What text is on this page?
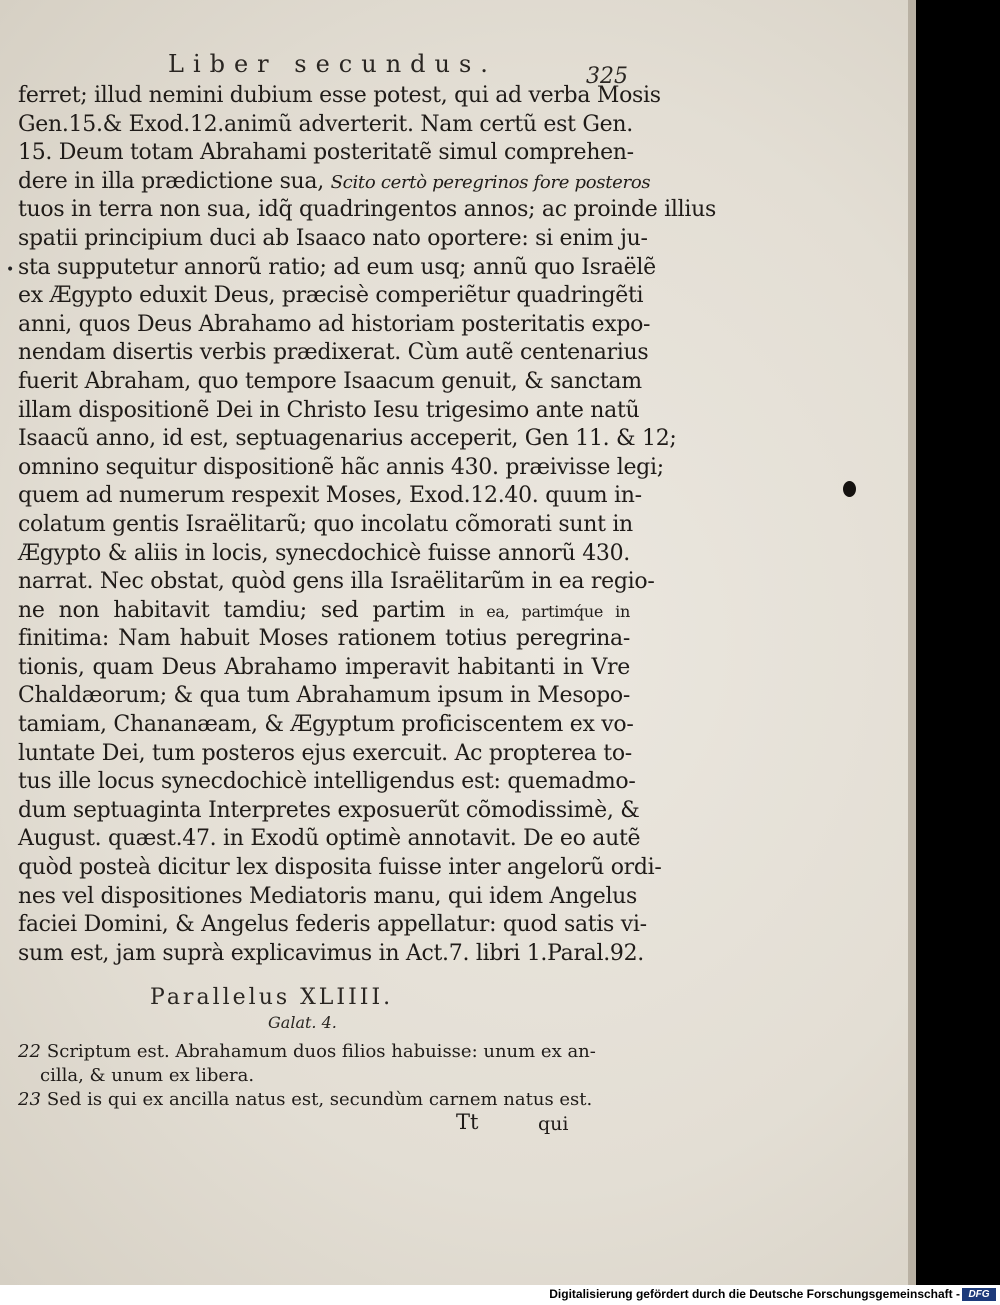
Liber secundus.	325
•
ferret; illud nemini dubium esse potest, qui ad verba Mosis
Gen.15.& Exod.12.animũ adverterit. Nam certũ est Gen.
15. Deum totam Abrahami posteritatẽ simul comprehen-
dere in illa prædictione sua, Scito certò peregrinos fore posteros
tuos in terra non sua, idq̃ quadringentos annos; ac proinde illius
spatii principium duci ab Isaaco nato oportere: si enim ju-
sta supputetur annorũ ratio; ad eum usq; annũ quo Israëlẽ
ex Ægypto eduxit Deus, præcisè comperiẽtur quadringẽti
anni, quos Deus Abrahamo ad historiam posteritatis expo-
nendam disertis verbis prædixerat. Cùm autẽ centenarius
fuerit Abraham, quo tempore Isaacum genuit, & sanctam
illam dispositionẽ Dei in Christo Iesu trigesimo ante natũ
Isaacũ anno, id est, septuagenarius acceperit, Gen 11. & 12;
omnino sequitur dispositionẽ hãc annis 430. præivisse legi;
quem ad numerum respexit Moses, Exod.12.40. quum in-
colatum gentis Israëlitarũ; quo incolatu cõmorati sunt in
Ægypto & aliis in locis, synecdochicè fuisse annorũ 430.
narrat. Nec obstat, quòd gens illa Israëlitarũm in ea regio-
ne non habitavit tamdiu; sed partim in ea, partimq́ue in
finitima: Nam habuit Moses rationem totius peregrina-
tionis, quam Deus Abrahamo imperavit habitanti in Vre
Chaldæorum; & qua tum Abrahamum ipsum in Mesopo-
tamiam, Chananæam, & Ægyptum proficiscentem ex vo-
luntate Dei, tum posteros ejus exercuit. Ac propterea to-
tus ille locus synecdochicè intelligendus est: quemadmo-
dum septuaginta Interpretes exposuerũt cõmodissimè, &
August. quæst.47. in Exodũ optimè annotavit. De eo autẽ
quòd posteà dicitur lex disposita fuisse inter angelorũ ordi-
nes vel dispositiones Mediatoris manu, qui idem Angelus
faciei Domini, & Angelus federis appellatur: quod satis vi-
sum est, jam suprà explicavimus in Act.7. libri 1.Paral.92.
Parallelus XLIIII.
Galat. 4.
22 Scriptum est. Abrahamum duos filios habuisse: unum ex an-
cilla, & unum ex libera.
23 Sed is qui ex ancilla natus est, secundùm carnem natus est.
Tt	qui
Digitalisierung gefördert durch die Deutsche Forschungsgemeinschaft - DFG
